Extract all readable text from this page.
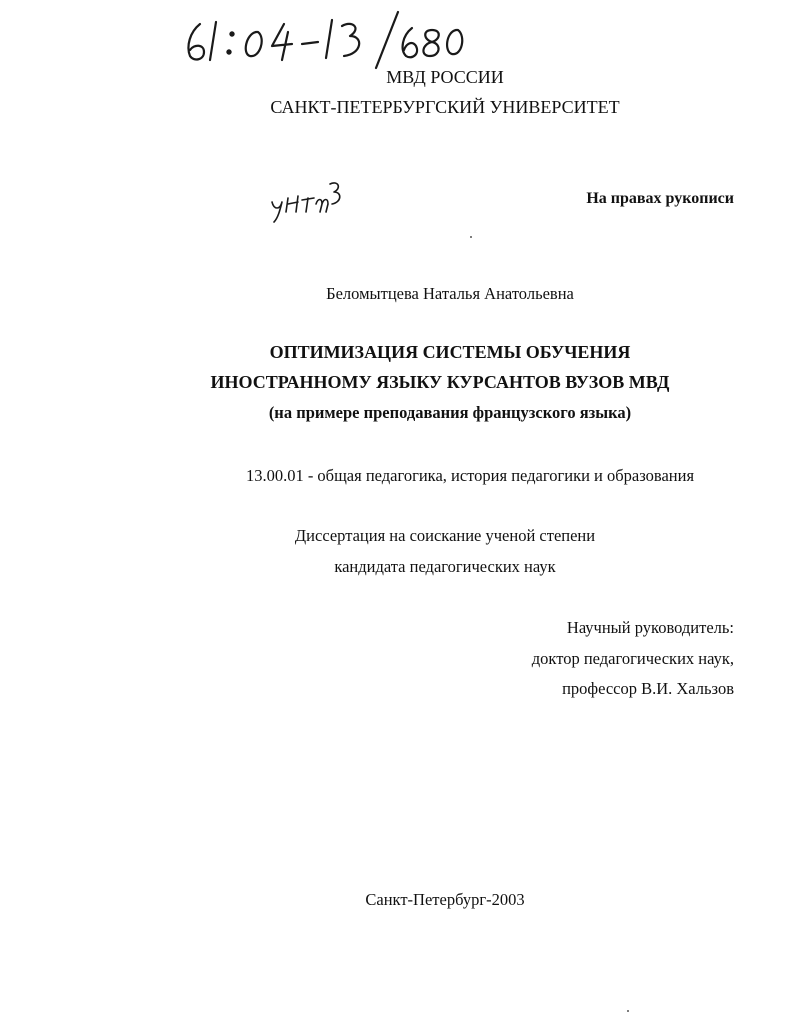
МВД РОССИИ
САНКТ-ПЕТЕРБУРГСКИЙ УНИВЕРСИТЕТ
На правах рукописи
Беломытцева Наталья Анатольевна
ОПТИМИЗАЦИЯ СИСТЕМЫ ОБУЧЕНИЯ
ИНОСТРАННОМУ ЯЗЫКУ КУРСАНТОВ ВУЗОВ МВД
(на примере преподавания французского языка)
13.00.01 - общая педагогика, история педагогики и образования
Диссертация на соискание ученой степени
кандидата педагогических наук
Научный руководитель:
доктор педагогических наук,
профессор В.И. Хальзов
Санкт-Петербург-2003
